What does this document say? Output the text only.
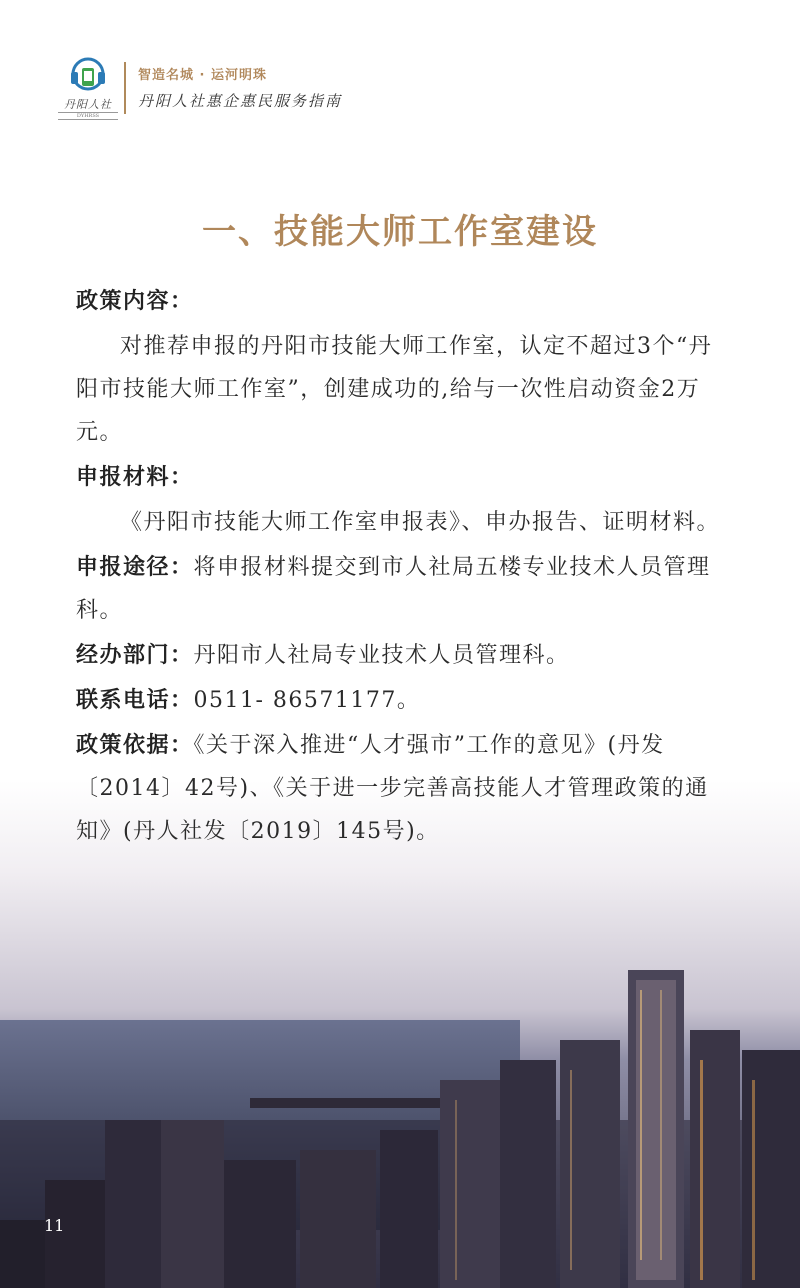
丹阳人社
DYHRSS
智造名城 · 运河明珠
丹阳人社惠企惠民服务指南
一、技能大师工作室建设

政策内容：

对推荐申报的丹阳市技能大师工作室，认定不超过3个“丹阳市技能大师工作室”，创建成功的,给与一次性启动资金2万元。

申报材料：

《丹阳市技能大师工作室申报表》、申办报告、证明材料。

申报途径：将申报材料提交到市人社局五楼专业技术人员管理科。

经办部门：丹阳市人社局专业技术人员管理科。

联系电话：0511- 86571177。

政策依据：《关于深入推进“人才强市”工作的意见》(丹发〔2014〕42号)、《关于进一步完善高技能人才管理政策的通知》(丹人社发〔2019〕145号)。

11
